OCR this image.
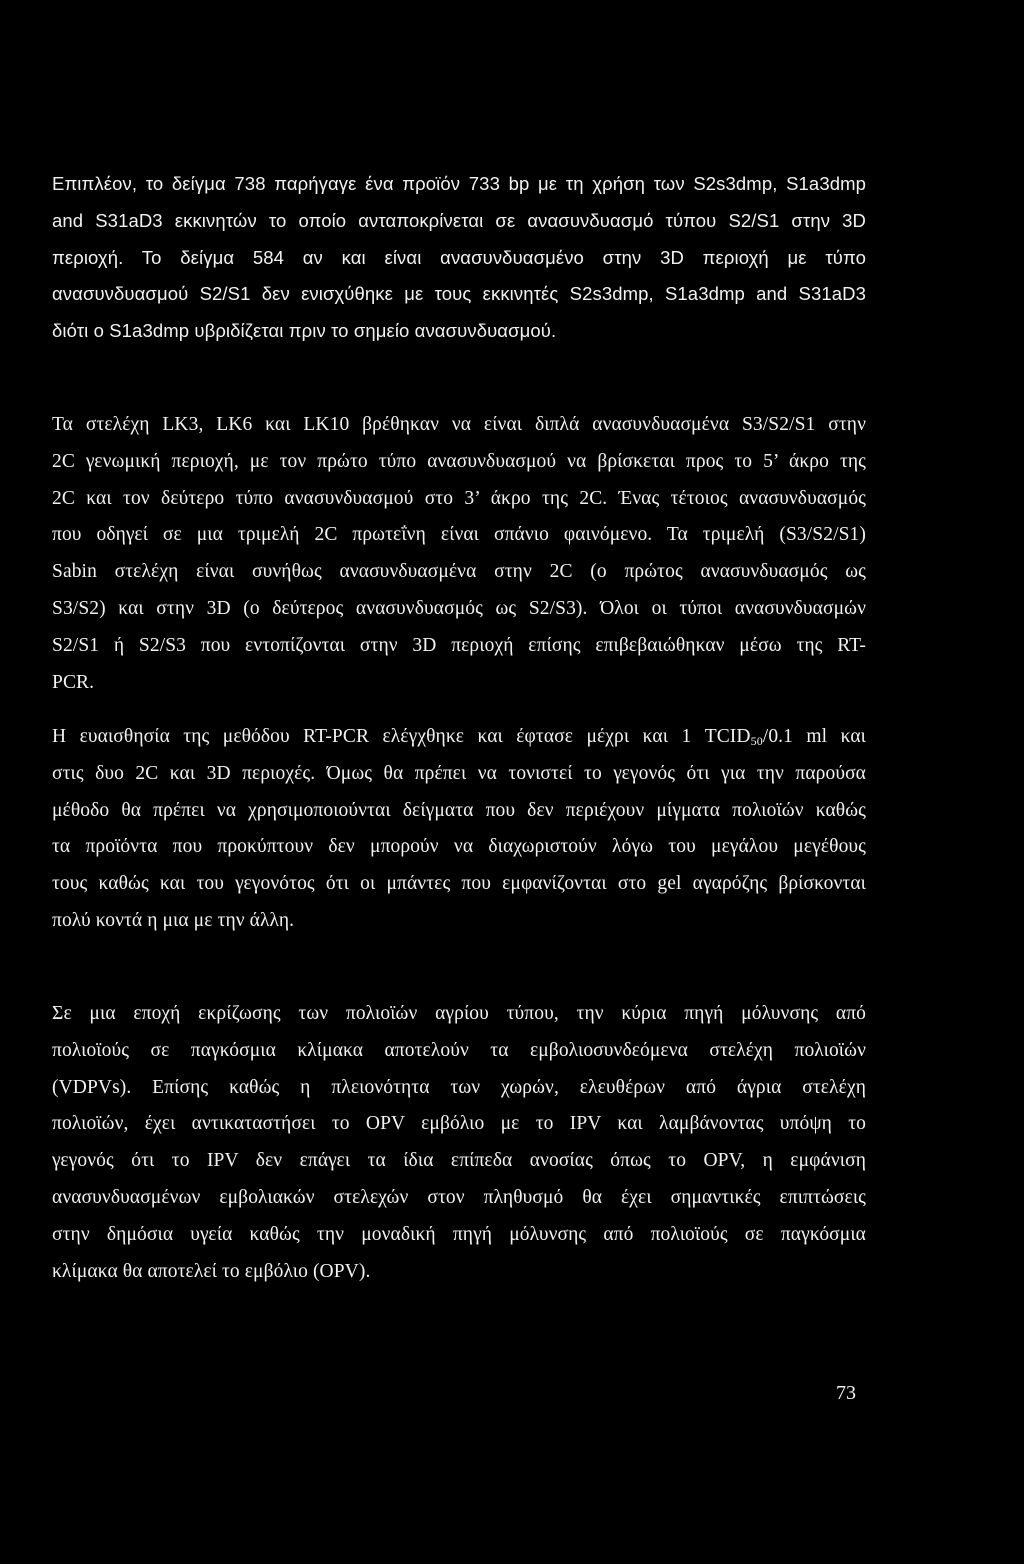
Επιπλέον, το δείγμα 738 παρήγαγε ένα προϊόν 733 bp με τη χρήση των S2s3dmp, S1a3dmp
and S31aD3 εκκινητών το οποίο ανταποκρίνεται σε ανασυνδυασμό τύπου S2/S1 στην 3D
περιοχή. Το δείγμα 584 αν και είναι ανασυνδυασμένο στην 3D περιοχή με τύπο
ανασυνδυασμού S2/S1 δεν ενισχύθηκε με τους εκκινητές S2s3dmp, S1a3dmp and S31aD3
διότι ο S1a3dmp υβριδίζεται πριν το σημείο ανασυνδυασμού.
Τα στελέχη LK3, LK6 και LK10 βρέθηκαν να είναι διπλά ανασυνδυασμένα S3/S2/S1 στην
2C γενωμική περιοχή, με τον πρώτο τύπο ανασυνδυασμού να βρίσκεται προς το 5’ άκρο της
2C και τον δεύτερο τύπο ανασυνδυασμού στο 3’ άκρο της 2C. Ένας τέτοιος ανασυνδυασμός
που οδηγεί σε μια τριμελή 2C πρωτεΐνη είναι σπάνιο φαινόμενο. Τα τριμελή (S3/S2/S1)
Sabin στελέχη είναι συνήθως ανασυνδυασμένα στην 2C (ο πρώτος ανασυνδυασμός ως
S3/S2) και στην 3D (ο δεύτερος ανασυνδυασμός ως S2/S3). Όλοι οι τύποι ανασυνδυασμών
S2/S1 ή S2/S3 που εντοπίζονται στην 3D περιοχή επίσης επιβεβαιώθηκαν μέσω της RT-
PCR.
Η ευαισθησία της μεθόδου RT-PCR ελέγχθηκε και έφτασε μέχρι και 1 $TCID_{50}/0.1$ ml και
στις δυο 2C και 3D περιοχές. Όμως θα πρέπει να τονιστεί το γεγονός ότι για την παρούσα
μέθοδο θα πρέπει να χρησιμοποιούνται δείγματα που δεν περιέχουν μίγματα πολιοϊών καθώς
τα προϊόντα που προκύπτουν δεν μπορούν να διαχωριστούν λόγω του μεγάλου μεγέθους
τους καθώς και του γεγονότος ότι οι μπάντες που εμφανίζονται στο gel αγαρόζης βρίσκονται
πολύ κοντά η μια με την άλλη.
Σε μια εποχή εκρίζωσης των πολιοϊών αγρίου τύπου, την κύρια πηγή μόλυνσης από
πολιοϊούς σε παγκόσμια κλίμακα αποτελούν τα εμβολιοσυνδεόμενα στελέχη πολιοϊών
(VDPVs). Επίσης καθώς η πλειονότητα των χωρών, ελευθέρων από άγρια στελέχη
πολιοϊών, έχει αντικαταστήσει το OPV εμβόλιο με το IPV και λαμβάνοντας υπόψη το
γεγονός ότι το IPV δεν επάγει τα ίδια επίπεδα ανοσίας όπως το OPV, η εμφάνιση
ανασυνδυασμένων εμβολιακών στελεχών στον πληθυσμό θα έχει σημαντικές επιπτώσεις
στην δημόσια υγεία καθώς την μοναδική πηγή μόλυνσης από πολιοϊούς σε παγκόσμια
κλίμακα θα αποτελεί το εμβόλιο (OPV).
73
